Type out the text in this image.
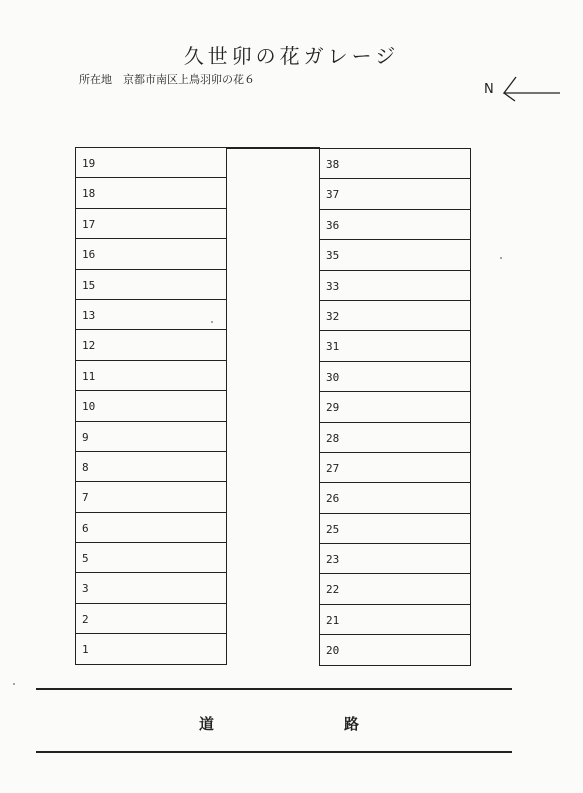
久世卯の花ガレージ
所在地　京都市南区上鳥羽卯の花６
N
19
18
17
16
15
13
12
11
10
9
8
7
6
5
3
2
1
38
37
36
35
33
32
31
30
29
28
27
26
25
23
22
21
20
道	路
